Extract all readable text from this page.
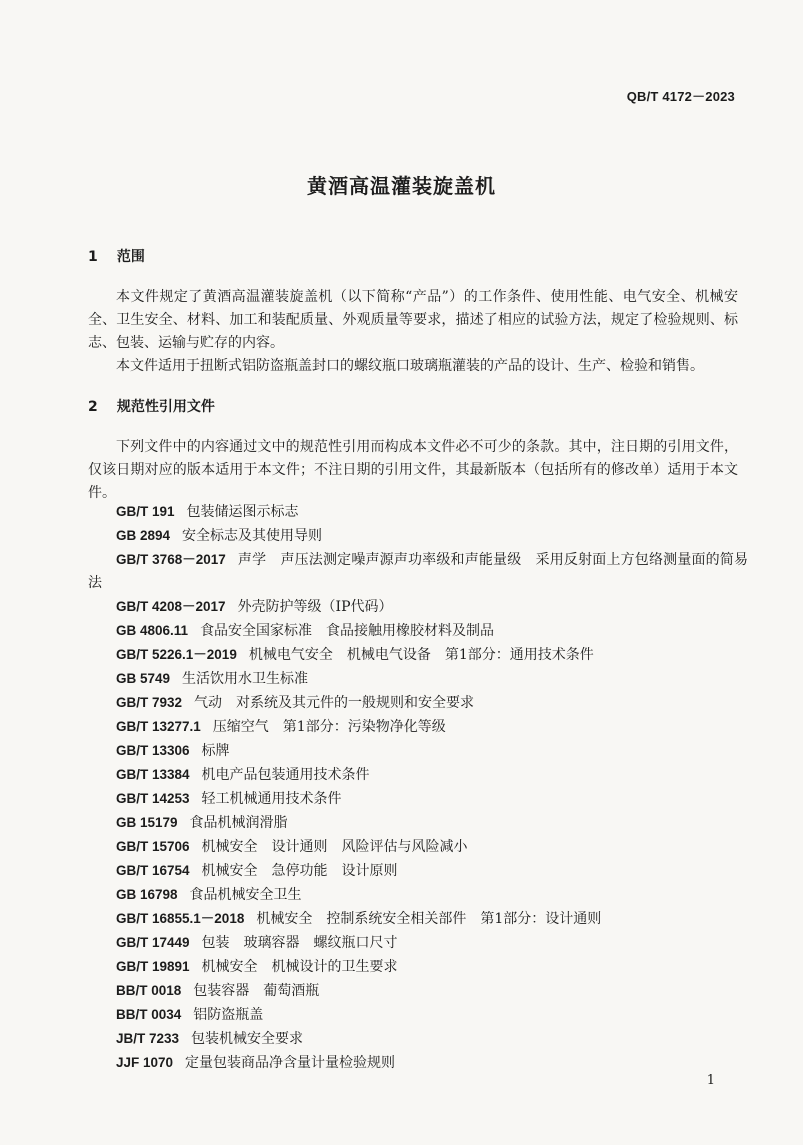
QB/T 4172－2023
黄酒高温灌装旋盖机
1 范围
本文件规定了黄酒高温灌装旋盖机（以下简称“产品”）的工作条件、使用性能、电气安全、机械安全、卫生安全、材料、加工和装配质量、外观质量等要求，描述了相应的试验方法，规定了检验规则、标志、包装、运输与贮存的内容。
本文件适用于扭断式铝防盗瓶盖封口的螺纹瓶口玻璃瓶灌装的产品的设计、生产、检验和销售。
2 规范性引用文件
下列文件中的内容通过文中的规范性引用而构成本文件必不可少的条款。其中，注日期的引用文件，仅该日期对应的版本适用于本文件；不注日期的引用文件，其最新版本（包括所有的修改单）适用于本文件。
GB/T 191 包装储运图示标志
GB 2894 安全标志及其使用导则
GB/T 3768－2017 声学　声压法测定噪声源声功率级和声能量级　采用反射面上方包络测量面的简易法
GB/T 4208－2017 外壳防护等级（IP代码）
GB 4806.11 食品安全国家标准　食品接触用橡胶材料及制品
GB/T 5226.1－2019 机械电气安全　机械电气设备　第1部分：通用技术条件
GB 5749 生活饮用水卫生标准
GB/T 7932 气动　对系统及其元件的一般规则和安全要求
GB/T 13277.1 压缩空气　第1部分：污染物净化等级
GB/T 13306 标牌
GB/T 13384 机电产品包装通用技术条件
GB/T 14253 轻工机械通用技术条件
GB 15179 食品机械润滑脂
GB/T 15706 机械安全　设计通则　风险评估与风险减小
GB/T 16754 机械安全　急停功能　设计原则
GB 16798 食品机械安全卫生
GB/T 16855.1－2018 机械安全　控制系统安全相关部件　第1部分：设计通则
GB/T 17449 包装　玻璃容器　螺纹瓶口尺寸
GB/T 19891 机械安全　机械设计的卫生要求
BB/T 0018 包装容器　葡萄酒瓶
BB/T 0034 铝防盗瓶盖
JB/T 7233 包装机械安全要求
JJF 1070 定量包装商品净含量计量检验规则
1
